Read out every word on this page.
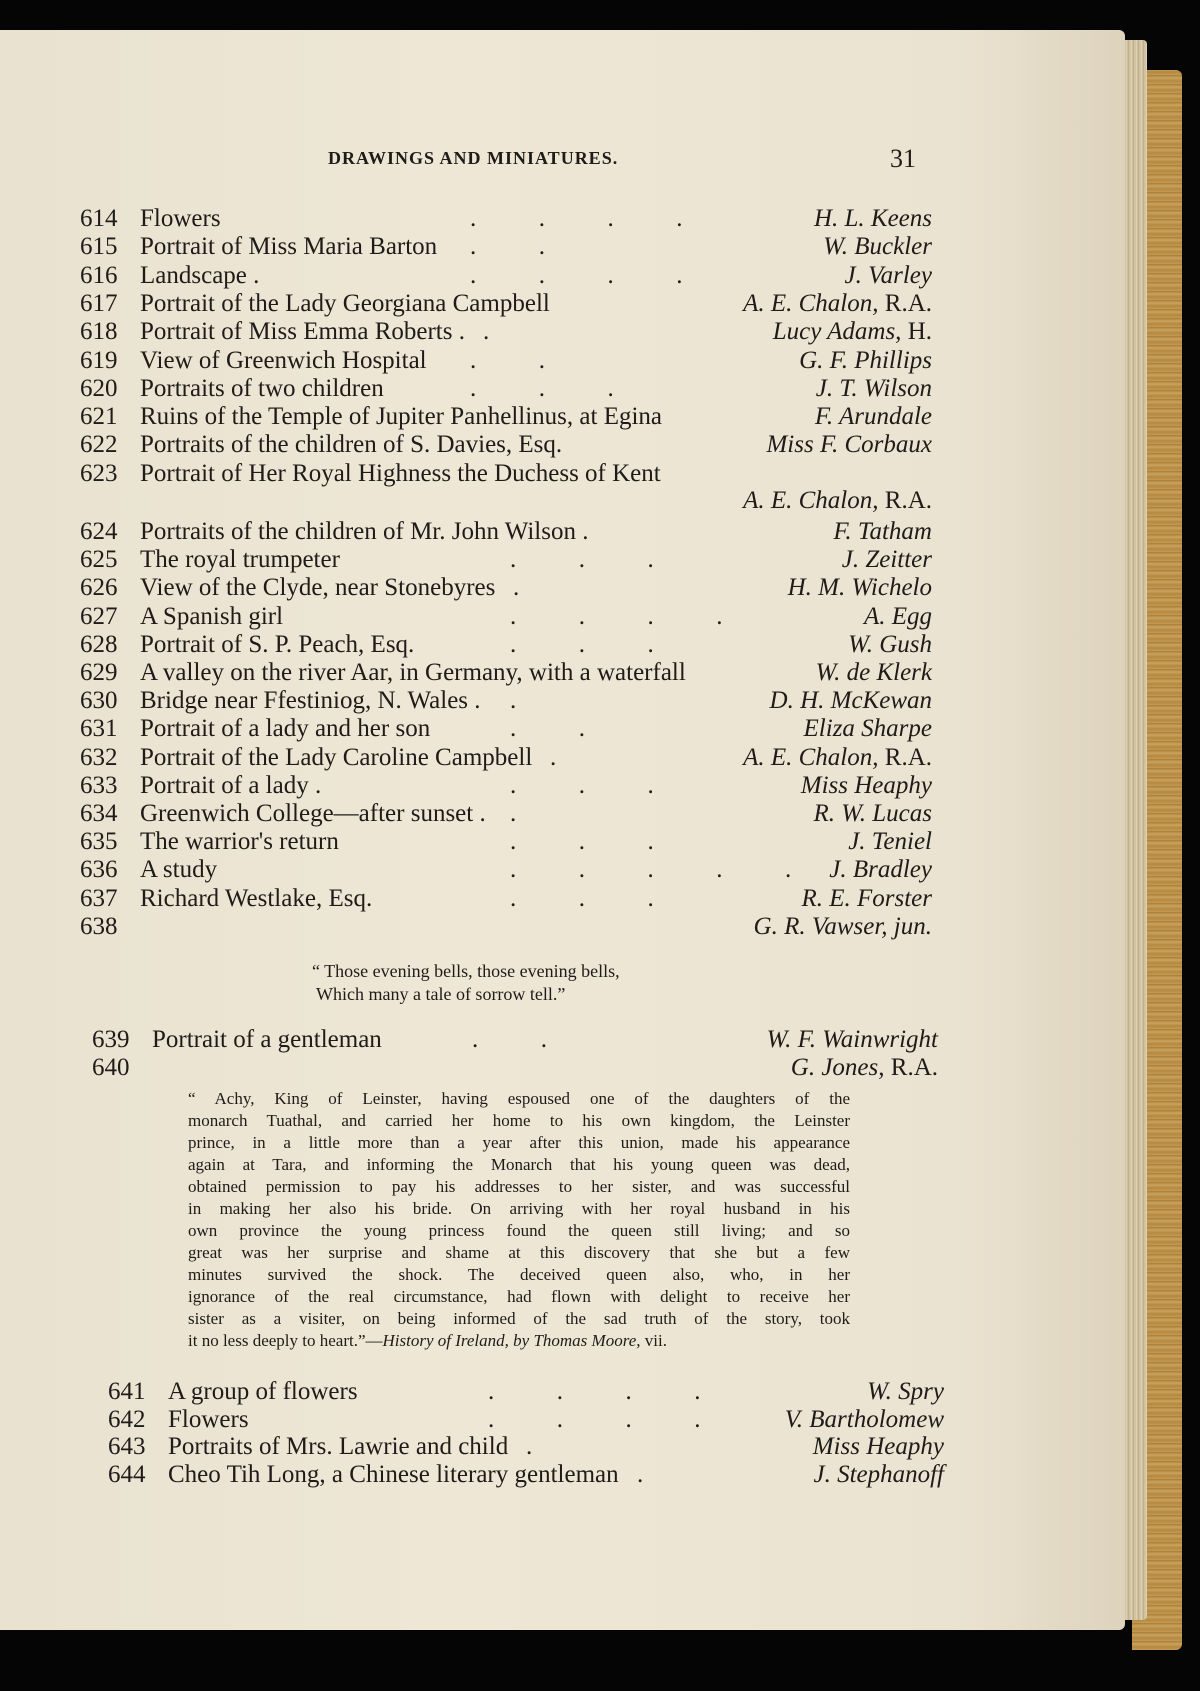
DRAWINGS AND MINIATURES.	31
614 Flowers	.          .          .          .	H. L. Keens
615 Portrait of Miss Maria Barton .          .	W. Buckler
616 Landscape .	.          .          .          .	J. Varley
617 Portrait of the Lady Georgiana Campbell	A. E. Chalon, R.A.
618 Portrait of Miss Emma Roberts . .	Lucy Adams, H.
619 View of Greenwich Hospital .          .	G. F. Phillips
620 Portraits of two children	.          .          .	J. T. Wilson
621 Ruins of the Temple of Jupiter Panhellinus, at Egina	F. Arundale
622 Portraits of the children of S. Davies, Esq.	Miss F. Corbaux
623 Portrait of Her Royal Highness the Duchess of Kent
A. E. Chalon, R.A.
624 Portraits of the children of Mr. John Wilson .	F. Tatham
625 The royal trumpeter	.          .          .	J. Zeitter
626 View of the Clyde, near Stonebyres .	H. M. Wichelo
627 A Spanish girl	.          .          .          .	A. Egg
628 Portrait of S. P. Peach, Esq.	.          .          .	W. Gush
629 A valley on the river Aar, in Germany, with a waterfall	W. de Klerk
630 Bridge near Ffestiniog, N. Wales . .	D. H. McKewan
631 Portrait of a lady and her son	.          .	Eliza Sharpe
632 Portrait of the Lady Caroline Campbell .	A. E. Chalon, R.A.
633 Portrait of a lady .	.          .          .	Miss Heaphy
634 Greenwich College—after sunset . .	R. W. Lucas
635 The warrior's return	.          .          .	J. Teniel
636 A study	.          .          .          .          . J. Bradley
637 Richard Westlake, Esq.	.          .          .	R. E. Forster
638	G. R. Vawser, jun.
“ Those evening bells, those evening bells,
Which many a tale of sorrow tell.”
639 Portrait of a gentleman	.          .	W. F. Wainwright
640	G. Jones, R.A.
“ Achy, King of Leinster, having espoused one of the daughters of the
monarch Tuathal, and carried her home to his own kingdom, the Leinster
prince, in a little more than a year after this union, made his appearance
again at Tara, and informing the Monarch that his young queen was dead,
obtained permission to pay his addresses to her sister, and was successful
in making her also his bride. On arriving with her royal husband in his
own province the young princess found the queen still living; and so
great was her surprise and shame at this discovery that she but a few
minutes survived the shock. The deceived queen also, who, in her
ignorance of the real circumstance, had flown with delight to receive her
sister as a visiter, on being informed of the sad truth of the story, took
it no less deeply to heart.”—History of Ireland, by Thomas Moore, vii.
641 A group of flowers	.          .          .          .	W. Spry
642 Flowers	.          .          .          .	V. Bartholomew
643 Portraits of Mrs. Lawrie and child .	Miss Heaphy
644 Cheo Tih Long, a Chinese literary gentleman .	J. Stephanoff
